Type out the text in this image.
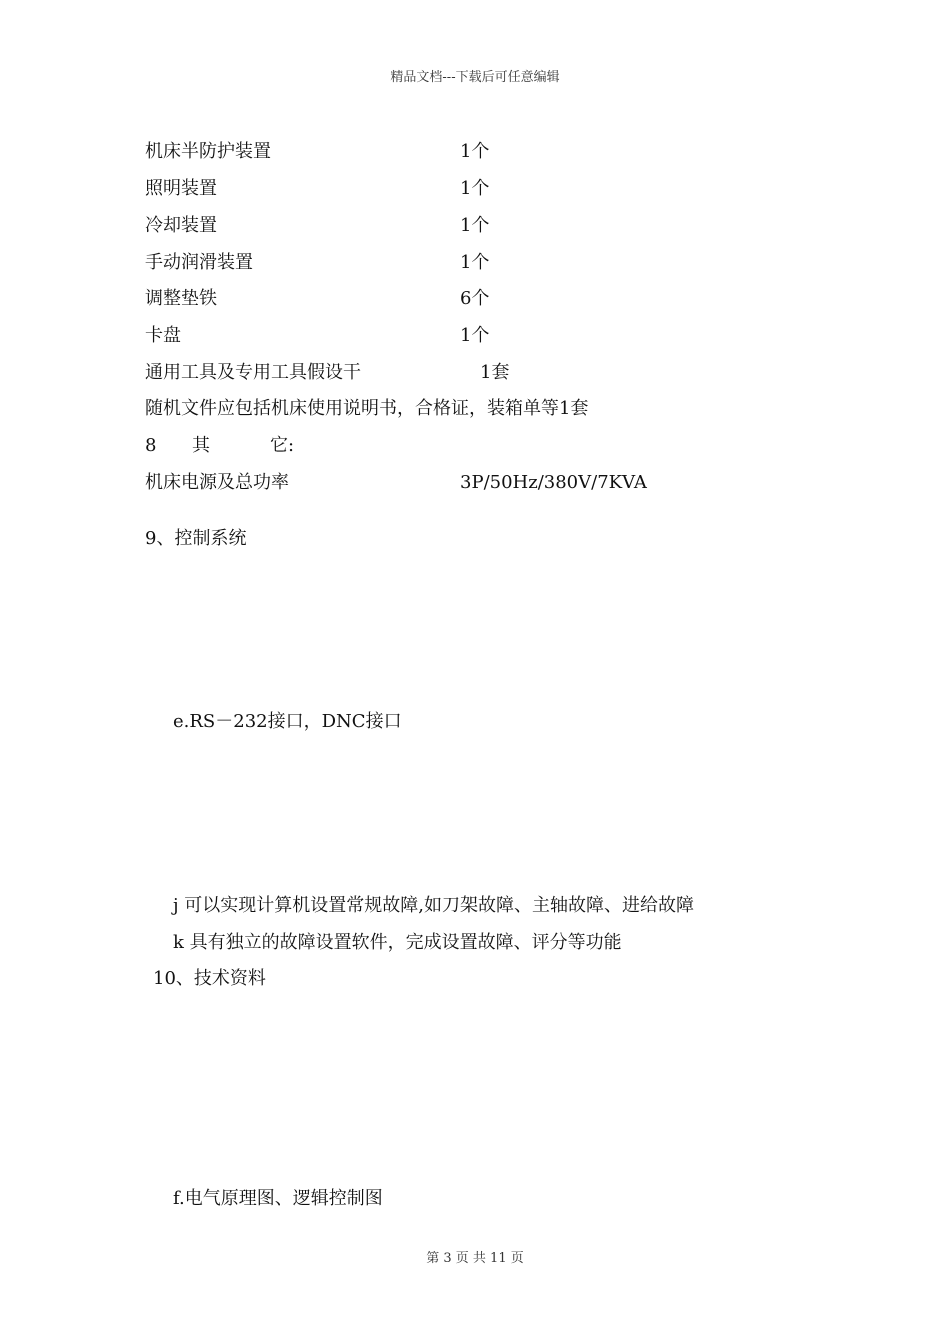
精品文档---下载后可任意编辑
机床半防护装置	1个
照明装置	1个
冷却装置	1个
手动润滑装置	1个
调整垫铁	6个
卡盘	1个
通用工具及专用工具假设干	1套
随机文件应包括机床使用说明书，合格证，装箱单等1套
8 其	它:
机床电源及总功率	3P/50Hz/380V/7KVA
9、控制系统
e.RS－232接口，DNC接口
j 可以实现计算机设置常规故障,如刀架故障、主轴故障、进给故障
k 具有独立的故障设置软件，完成设置故障、评分等功能
10、技术资料
f.电气原理图、逻辑控制图
第 3 页 共 11 页
